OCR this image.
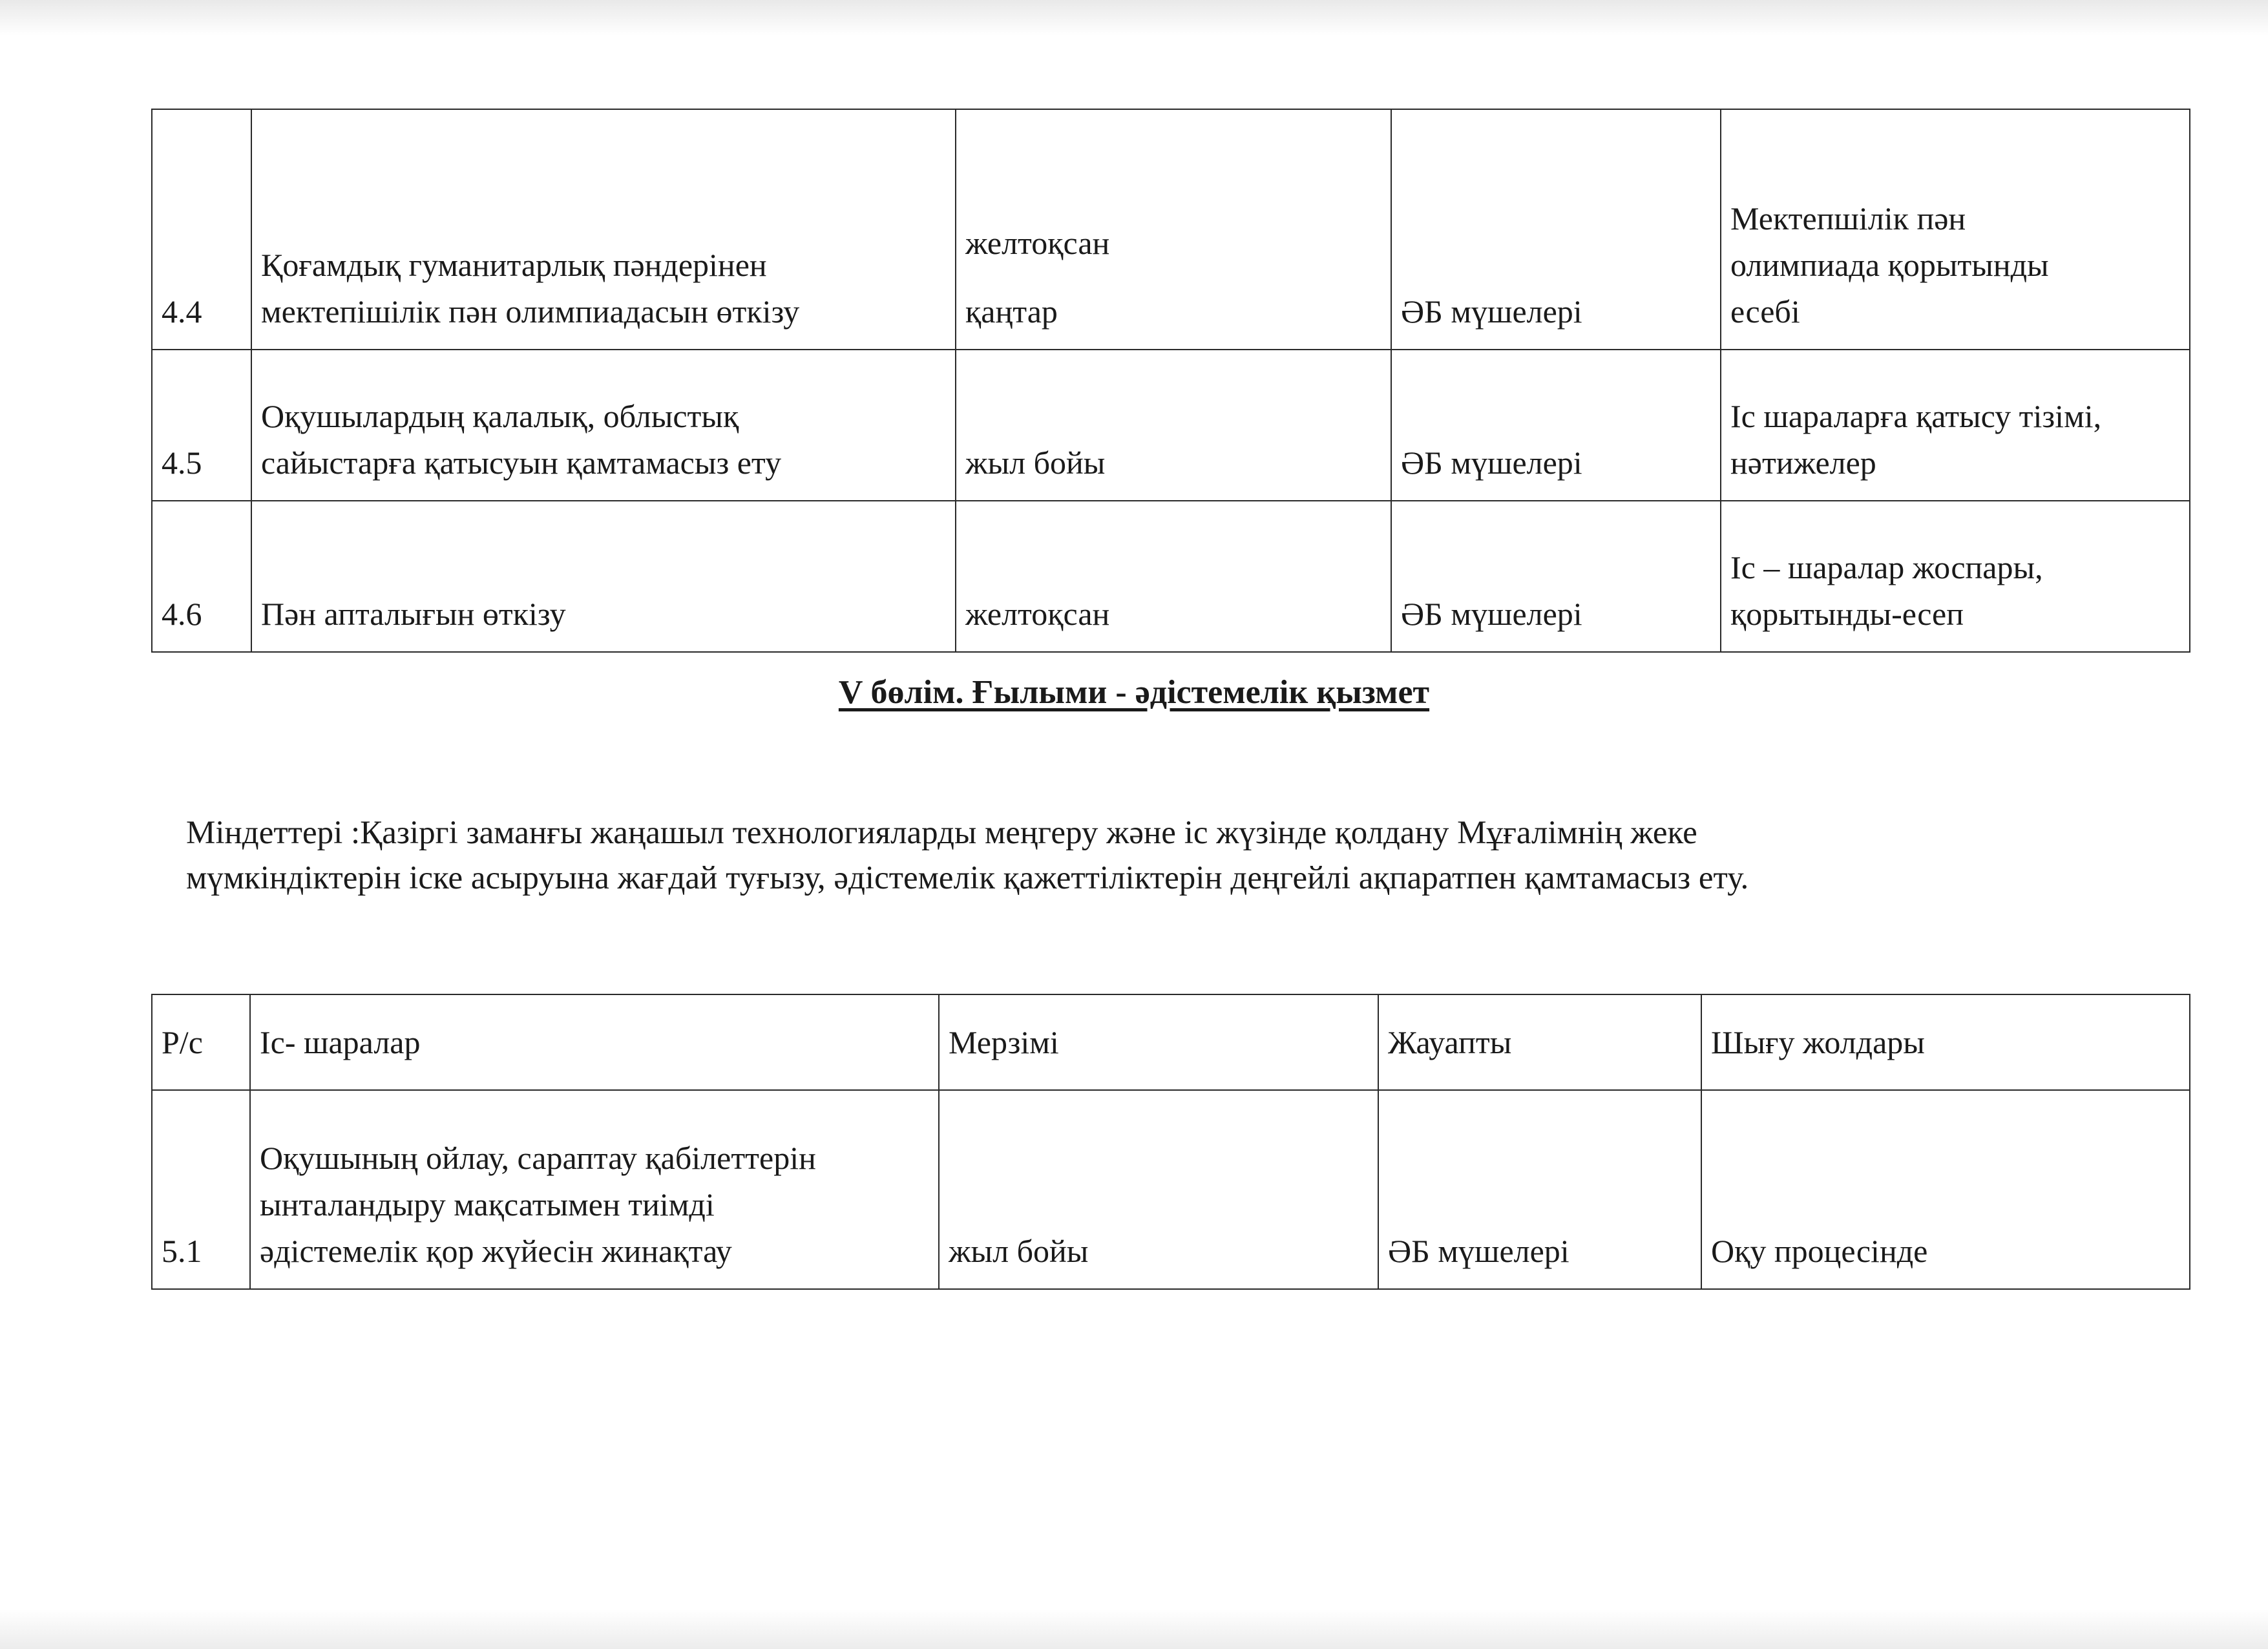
4.4	Қоғамдық гуманитарлық пәндерінен
мектепішілік пән олимпиадасын өткізу	желтоқсан
қаңтар	ӘБ мүшелері	Мектепшілік пән
олимпиада қорытынды
есебі
4.5	Оқушылардың қалалық, облыстық
сайыстарға қатысуын қамтамасыз ету	жыл бойы	ӘБ мүшелері	Іс шараларға қатысу тізімі,
нәтижелер
4.6	Пән апталығын өткізу	желтоқсан	ӘБ мүшелері	Іс – шаралар жоспары,
қорытынды-есеп
V бөлім. Ғылыми - әдістемелік қызмет

Міндеттері :Қазіргі заманғы жаңашыл технологияларды меңгеру және іс жүзінде қолдану Мұғалімнің жеке
мүмкіндіктерін іске асыруына жағдай туғызу, әдістемелік қажеттіліктерін деңгейлі ақпаратпен қамтамасыз ету.

Р/с	Іс- шаралар	Мерзімі	Жауапты	Шығу жолдары
5.1	Оқушының ойлау, сараптау қабілеттерін
ынталандыру мақсатымен тиімді
әдістемелік қор жүйесін жинақтау	жыл бойы	ӘБ мүшелері	Оқу процесінде
